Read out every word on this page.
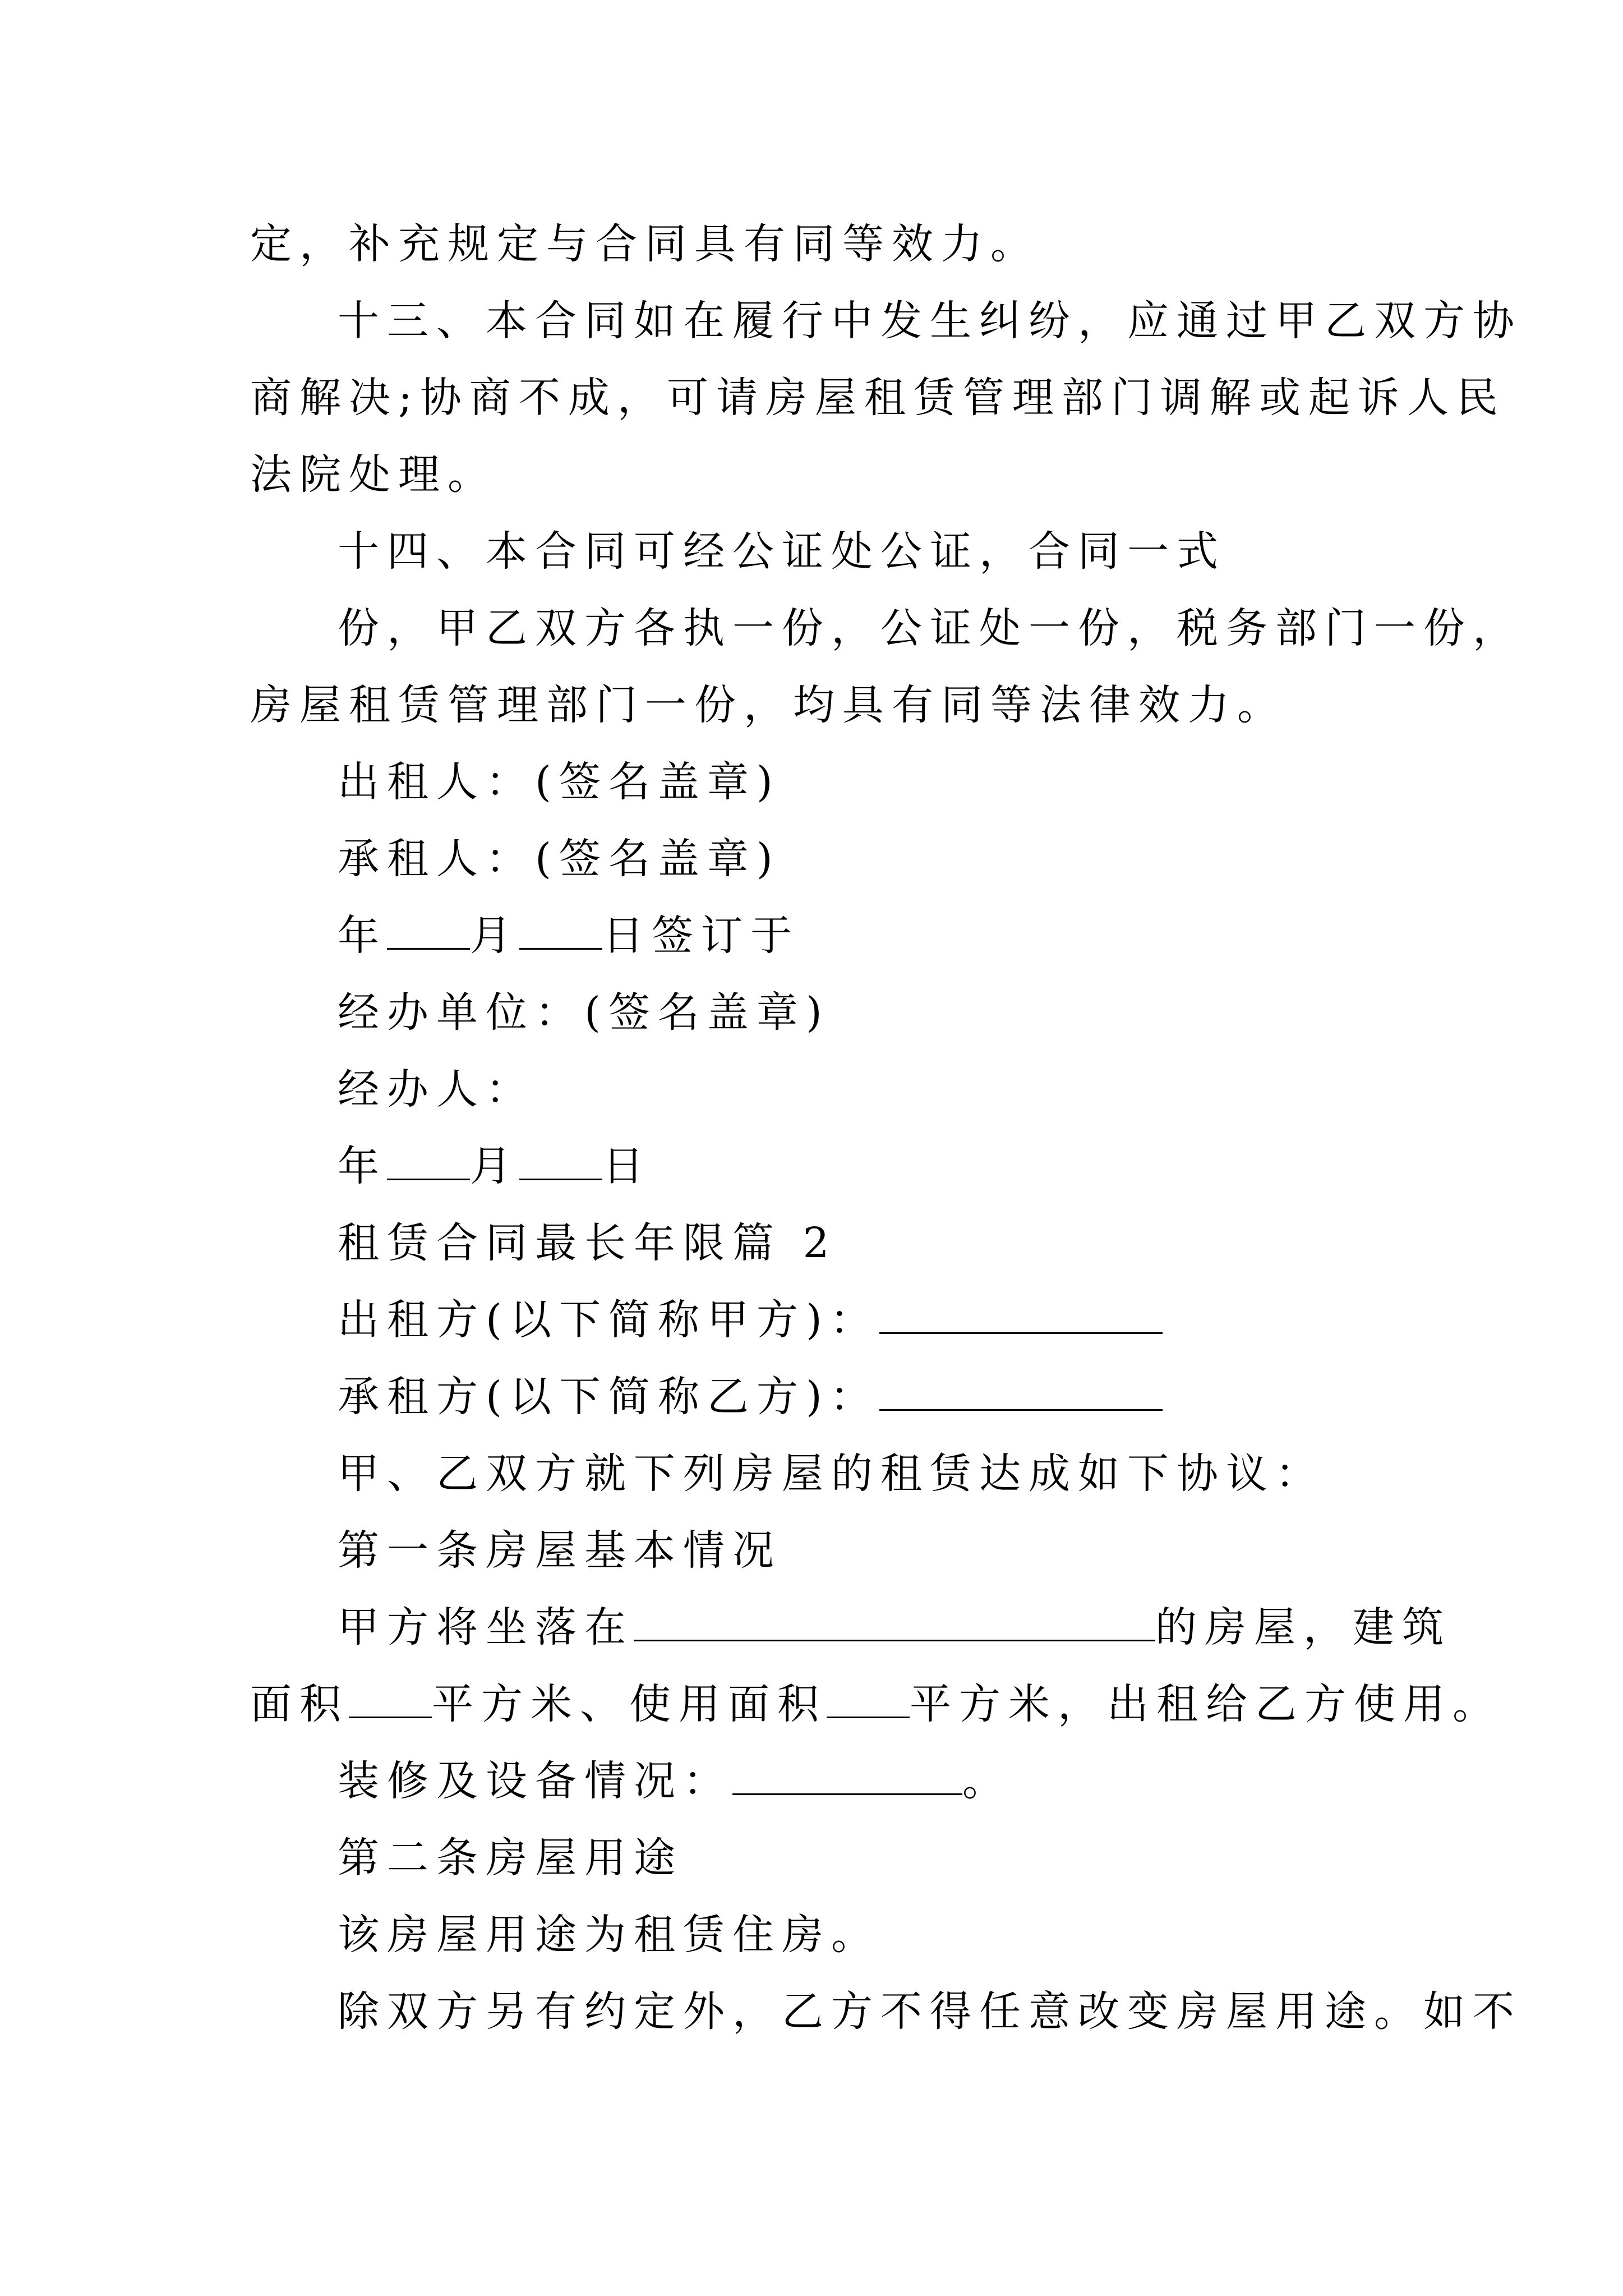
定，补充规定与合同具有同等效力。
十三、本合同如在履行中发生纠纷，应通过甲乙双方协
商解决;协商不成，可请房屋租赁管理部门调解或起诉人民
法院处理。
十四、本合同可经公证处公证，合同一式
份，甲乙双方各执一份，公证处一份，税务部门一份，
房屋租赁管理部门一份，均具有同等法律效力。
出租人：(签名盖章)
承租人：(签名盖章)
年 月 日签订于
经办单位：(签名盖章)
经办人：
年 月 日
租赁合同最长年限篇 2
出租方(以下简称甲方)：
承租方(以下简称乙方)：
甲、乙双方就下列房屋的租赁达成如下协议：
第一条房屋基本情况
甲方将坐落在	的房屋，建筑
面积 平方米、使用面积 平方米，出租给乙方使用。
装修及设备情况：	。
第二条房屋用途
该房屋用途为租赁住房。
除双方另有约定外，乙方不得任意改变房屋用途。如不
